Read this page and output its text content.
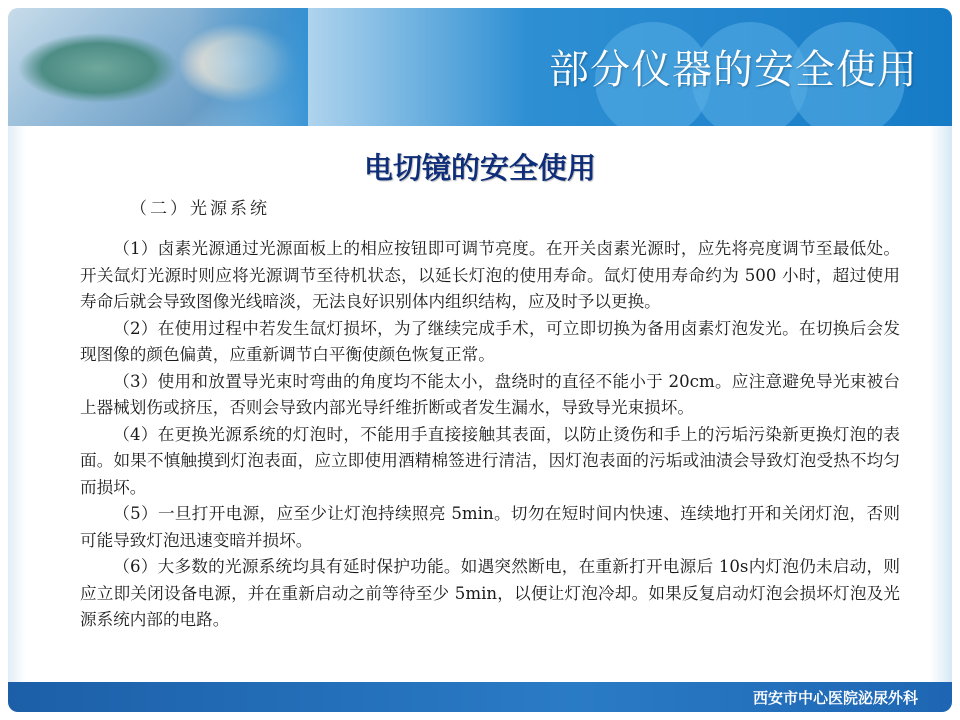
部分仪器的安全使用
电切镜的安全使用
（二）光源系统

（1）卤素光源通过光源面板上的相应按钮即可调节亮度。在开关卤素光源时，应先将亮度调节至最低处。开关氙灯光源时则应将光源调节至待机状态，以延长灯泡的使用寿命。氙灯使用寿命约为 500 小时，超过使用寿命后就会导致图像光线暗淡，无法良好识别体内组织结构，应及时予以更换。

（2）在使用过程中若发生氙灯损坏，为了继续完成手术，可立即切换为备用卤素灯泡发光。在切换后会发现图像的颜色偏黄，应重新调节白平衡使颜色恢复正常。

（3）使用和放置导光束时弯曲的角度均不能太小，盘绕时的直径不能小于 20cm。应注意避免导光束被台上器械划伤或挤压，否则会导致内部光导纤维折断或者发生漏水，导致导光束损坏。

（4）在更换光源系统的灯泡时，不能用手直接接触其表面，以防止烫伤和手上的污垢污染新更换灯泡的表面。如果不慎触摸到灯泡表面，应立即使用酒精棉签进行清洁，因灯泡表面的污垢或油渍会导致灯泡受热不均匀而损坏。

（5）一旦打开电源，应至少让灯泡持续照亮 5min。切勿在短时间内快速、连续地打开和关闭灯泡，否则可能导致灯泡迅速变暗并损坏。

（6）大多数的光源系统均具有延时保护功能。如遇突然断电，在重新打开电源后 10s内灯泡仍未启动，则应立即关闭设备电源，并在重新启动之前等待至少 5min，以便让灯泡冷却。如果反复启动灯泡会损坏灯泡及光源系统内部的电路。

西安市中心医院泌尿外科
